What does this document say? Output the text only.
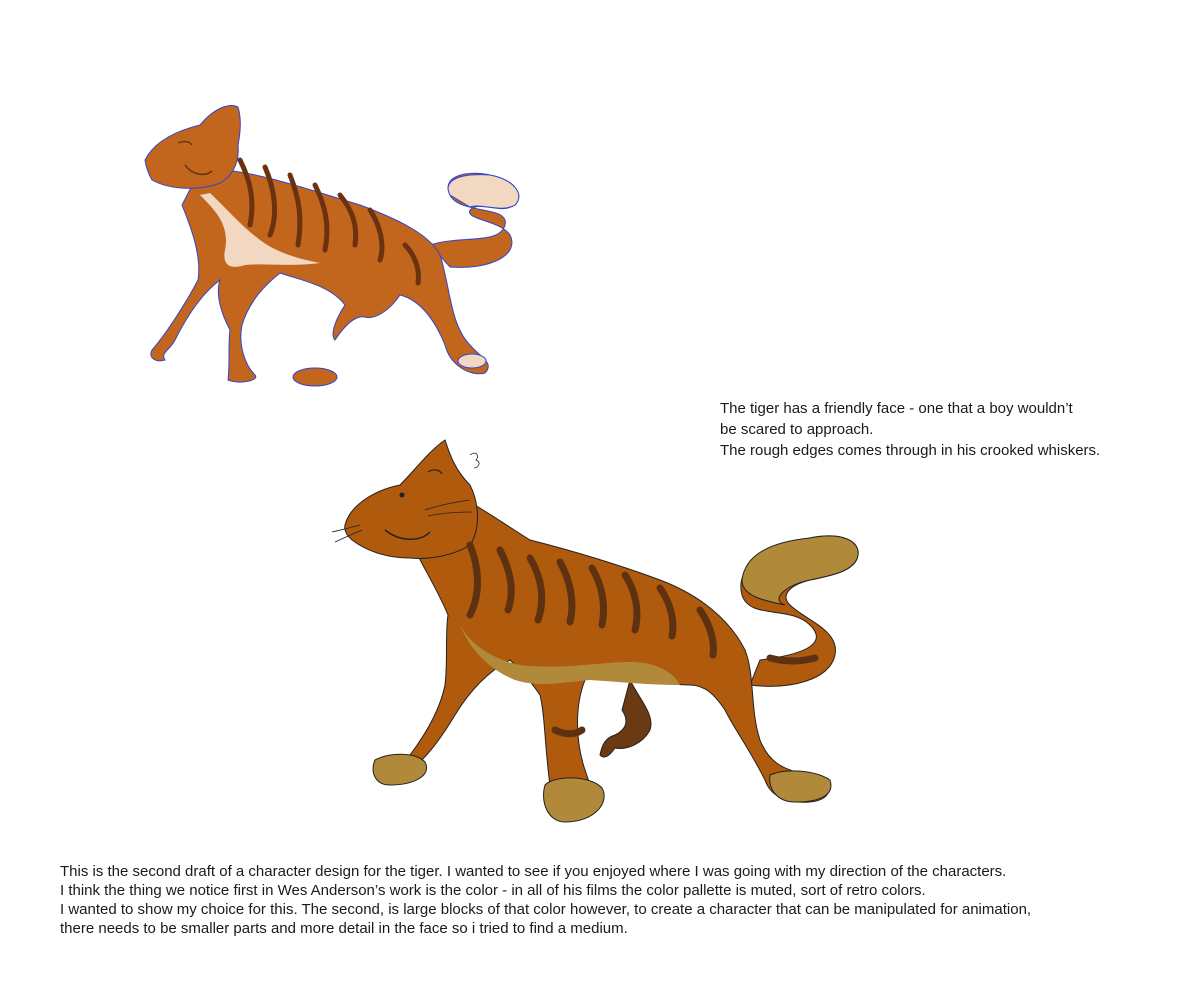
The tiger has a friendly face - one that a boy wouldn’t
be scared to approach.
The rough edges comes through in his crooked whiskers.
This is the second draft of a character design for the tiger. I wanted to see if you enjoyed where I was going with my direction of the characters.
I think the thing we notice first in Wes Anderson’s work is the color - in all of his films the color pallette is muted, sort of retro colors.
I wanted to show my choice for this. The second, is large blocks of that color however, to create a character that can be manipulated for animation,
there needs to be smaller parts and more detail in the face so i tried to find a medium.
